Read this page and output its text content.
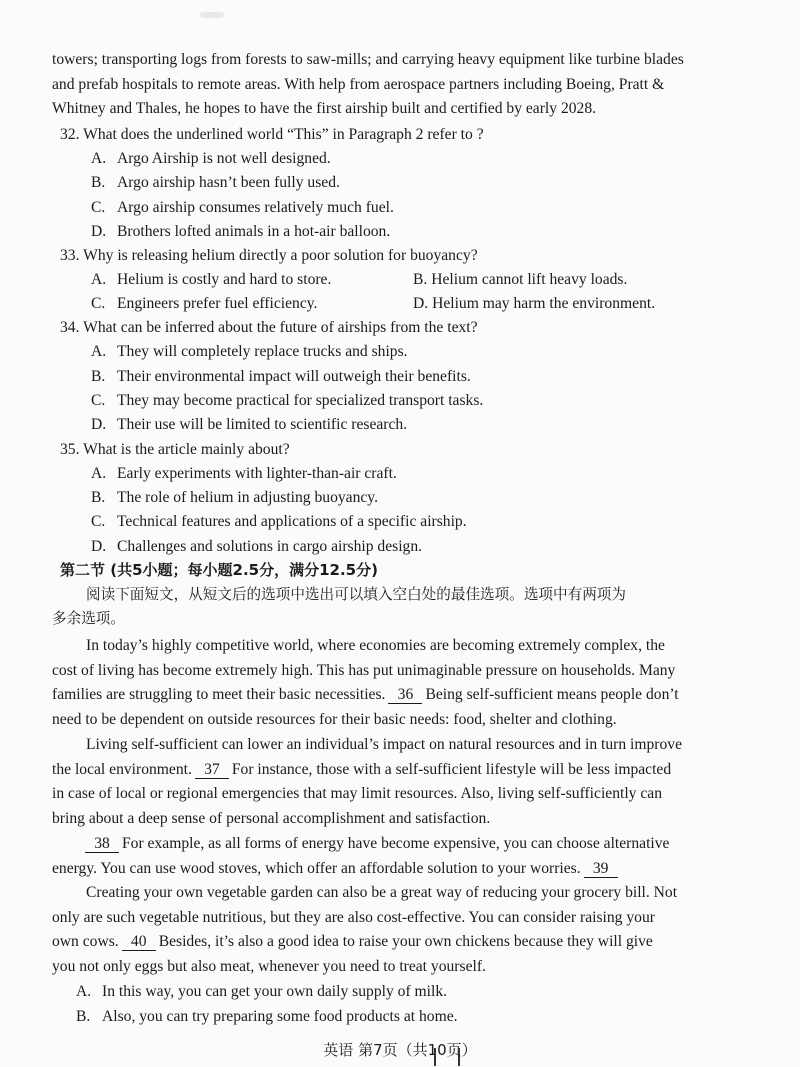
towers; transporting logs from forests to saw-mills; and carrying heavy equipment like turbine blades
and prefab hospitals to remote areas. With help from aerospace partners including Boeing, Pratt &
Whitney and Thales, he hopes to have the first airship built and certified by early 2028.
32. What does the underlined world “This” in Paragraph 2 refer to ?
A. Argo Airship is not well designed.
B. Argo airship hasn’t been fully used.
C. Argo airship consumes relatively much fuel.
D. Brothers lofted animals in a hot-air balloon.
33. Why is releasing helium directly a poor solution for buoyancy?
A. Helium is costly and hard to store.	B. Helium cannot lift heavy loads.
C. Engineers prefer fuel efficiency.	D. Helium may harm the environment.
34. What can be inferred about the future of airships from the text?
A. They will completely replace trucks and ships.
B. Their environmental impact will outweigh their benefits.
C. They may become practical for specialized transport tasks.
D. Their use will be limited to scientific research.
35. What is the article mainly about?
A. Early experiments with lighter-than-air craft.
B. The role of helium in adjusting buoyancy.
C. Technical features and applications of a specific airship.
D. Challenges and solutions in cargo airship design.
第二节 (共5小题；每小题2.5分，满分12.5分)
阅读下面短文，从短文后的选项中选出可以填入空白处的最佳选项。选项中有两项为
多余选项。
In today’s highly competitive world, where economies are becoming extremely complex, the
cost of living has become extremely high. This has put unimaginable pressure on households. Many
families are struggling to meet their basic necessities. 36 Being self-sufficient means people don’t
need to be dependent on outside resources for their basic needs: food, shelter and clothing.
Living self-sufficient can lower an individual’s impact on natural resources and in turn improve
the local environment. 37 For instance, those with a self-sufficient lifestyle will be less impacted
in case of local or regional emergencies that may limit resources. Also, living self-sufficiently can
bring about a deep sense of personal accomplishment and satisfaction.
38 For example, as all forms of energy have become expensive, you can choose alternative
energy. You can use wood stoves, which offer an affordable solution to your worries. 39
Creating your own vegetable garden can also be a great way of reducing your grocery bill. Not
only are such vegetable nutritious, but they are also cost-effective. You can consider raising your
own cows. 40 Besides, it’s also a good idea to raise your own chickens because they will give
you not only eggs but also meat, whenever you need to treat yourself.
A. In this way, you can get your own daily supply of milk.
B. Also, you can try preparing some food products at home.
英语 第7页（共10页）
